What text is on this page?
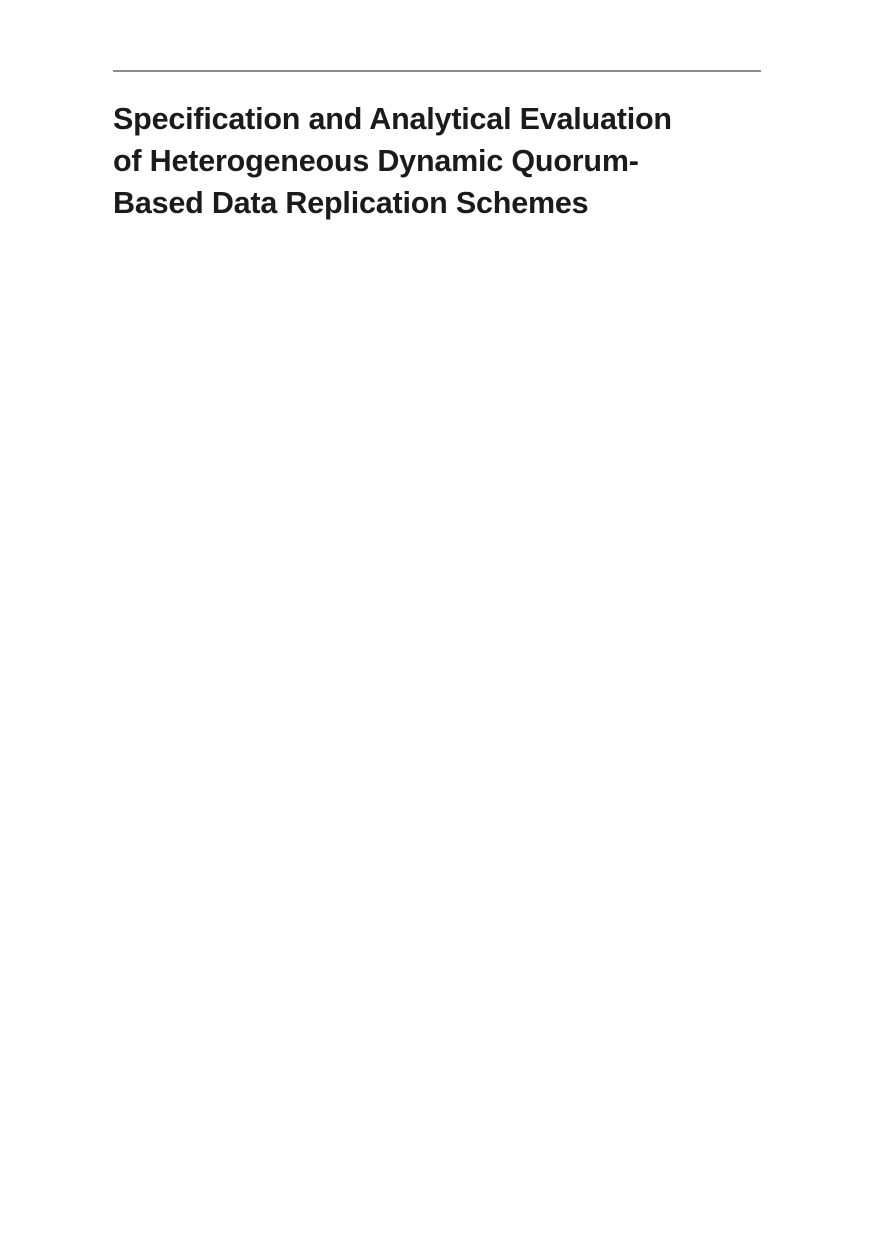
Specification and Analytical Evaluation
of Heterogeneous Dynamic Quorum-
Based Data Replication Schemes
